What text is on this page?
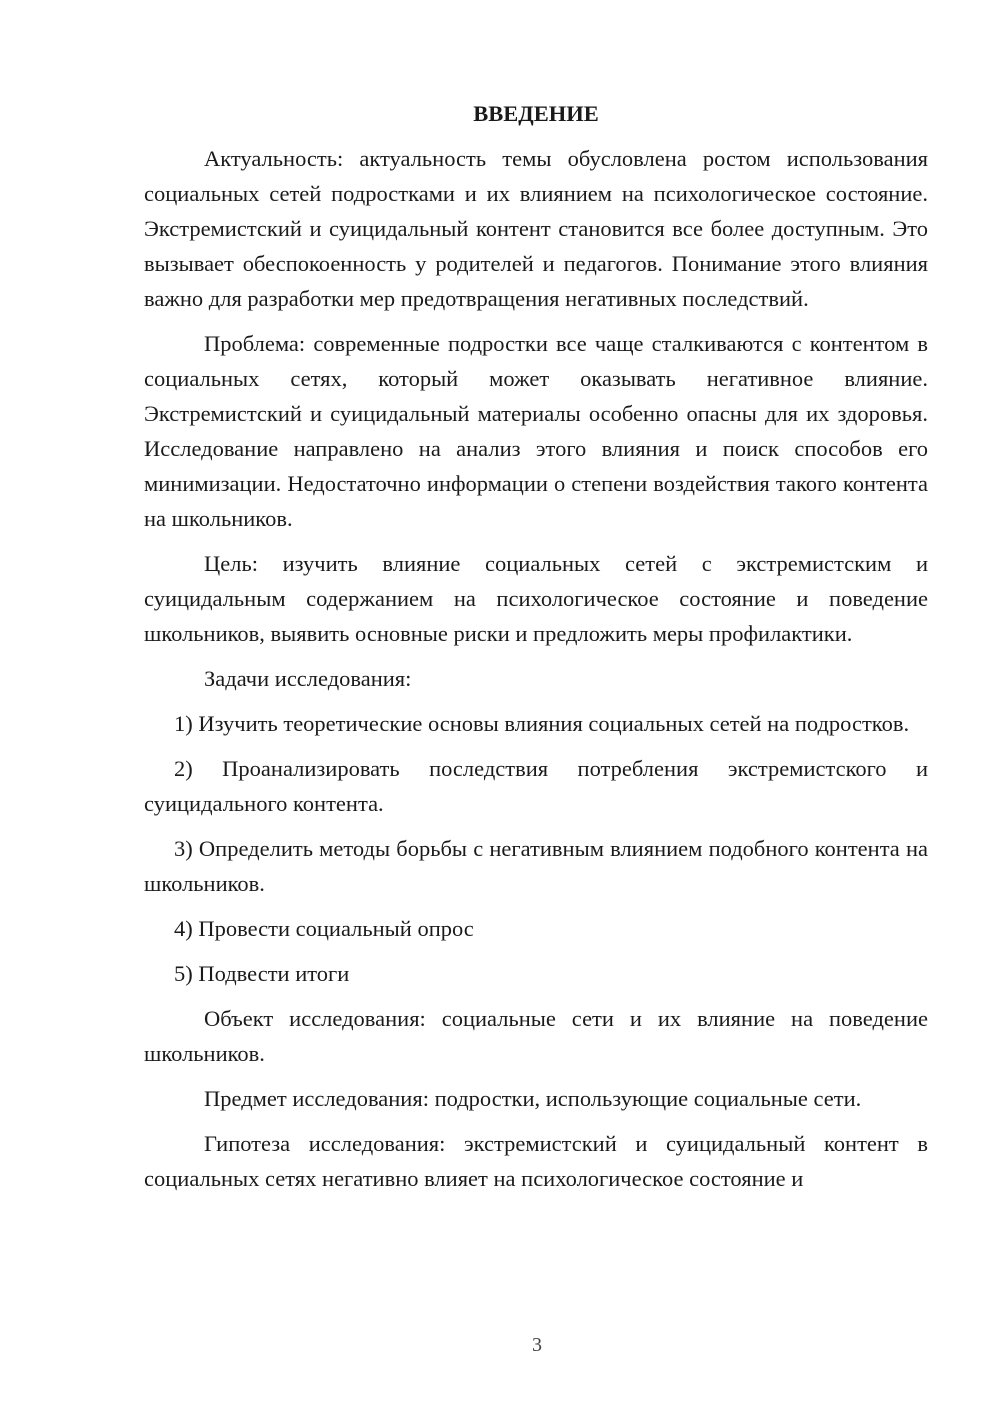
ВВЕДЕНИЕ

Актуальность: актуальность темы обусловлена ростом использования социальных сетей подростками и их влиянием на психологическое состояние. Экстремистский и суицидальный контент становится все более доступным. Это вызывает обеспокоенность у родителей и педагогов. Понимание этого влияния важно для разработки мер предотвращения негативных последствий.

Проблема: современные подростки все чаще сталкиваются с контентом в социальных сетях, который может оказывать негативное влияние. Экстремистский и суицидальный материалы особенно опасны для их здоровья. Исследование направлено на анализ этого влияния и поиск способов его минимизации. Недостаточно информации о степени воздействия такого контента на школьников.

Цель: изучить влияние социальных сетей с экстремистским и суицидальным содержанием на психологическое состояние и поведение школьников, выявить основные риски и предложить меры профилактики.

Задачи исследования:

1) Изучить теоретические основы влияния социальных сетей на подростков.

2) Проанализировать последствия потребления экстремистского и суицидального контента.

3) Определить методы борьбы с негативным влиянием подобного контента на школьников.

4) Провести социальный опрос

5) Подвести итоги

Объект исследования: социальные сети и их влияние на поведение школьников.

Предмет исследования: подростки, использующие социальные сети.

Гипотеза исследования: экстремистский и суицидальный контент в социальных сетях негативно влияет на психологическое состояние и

3
